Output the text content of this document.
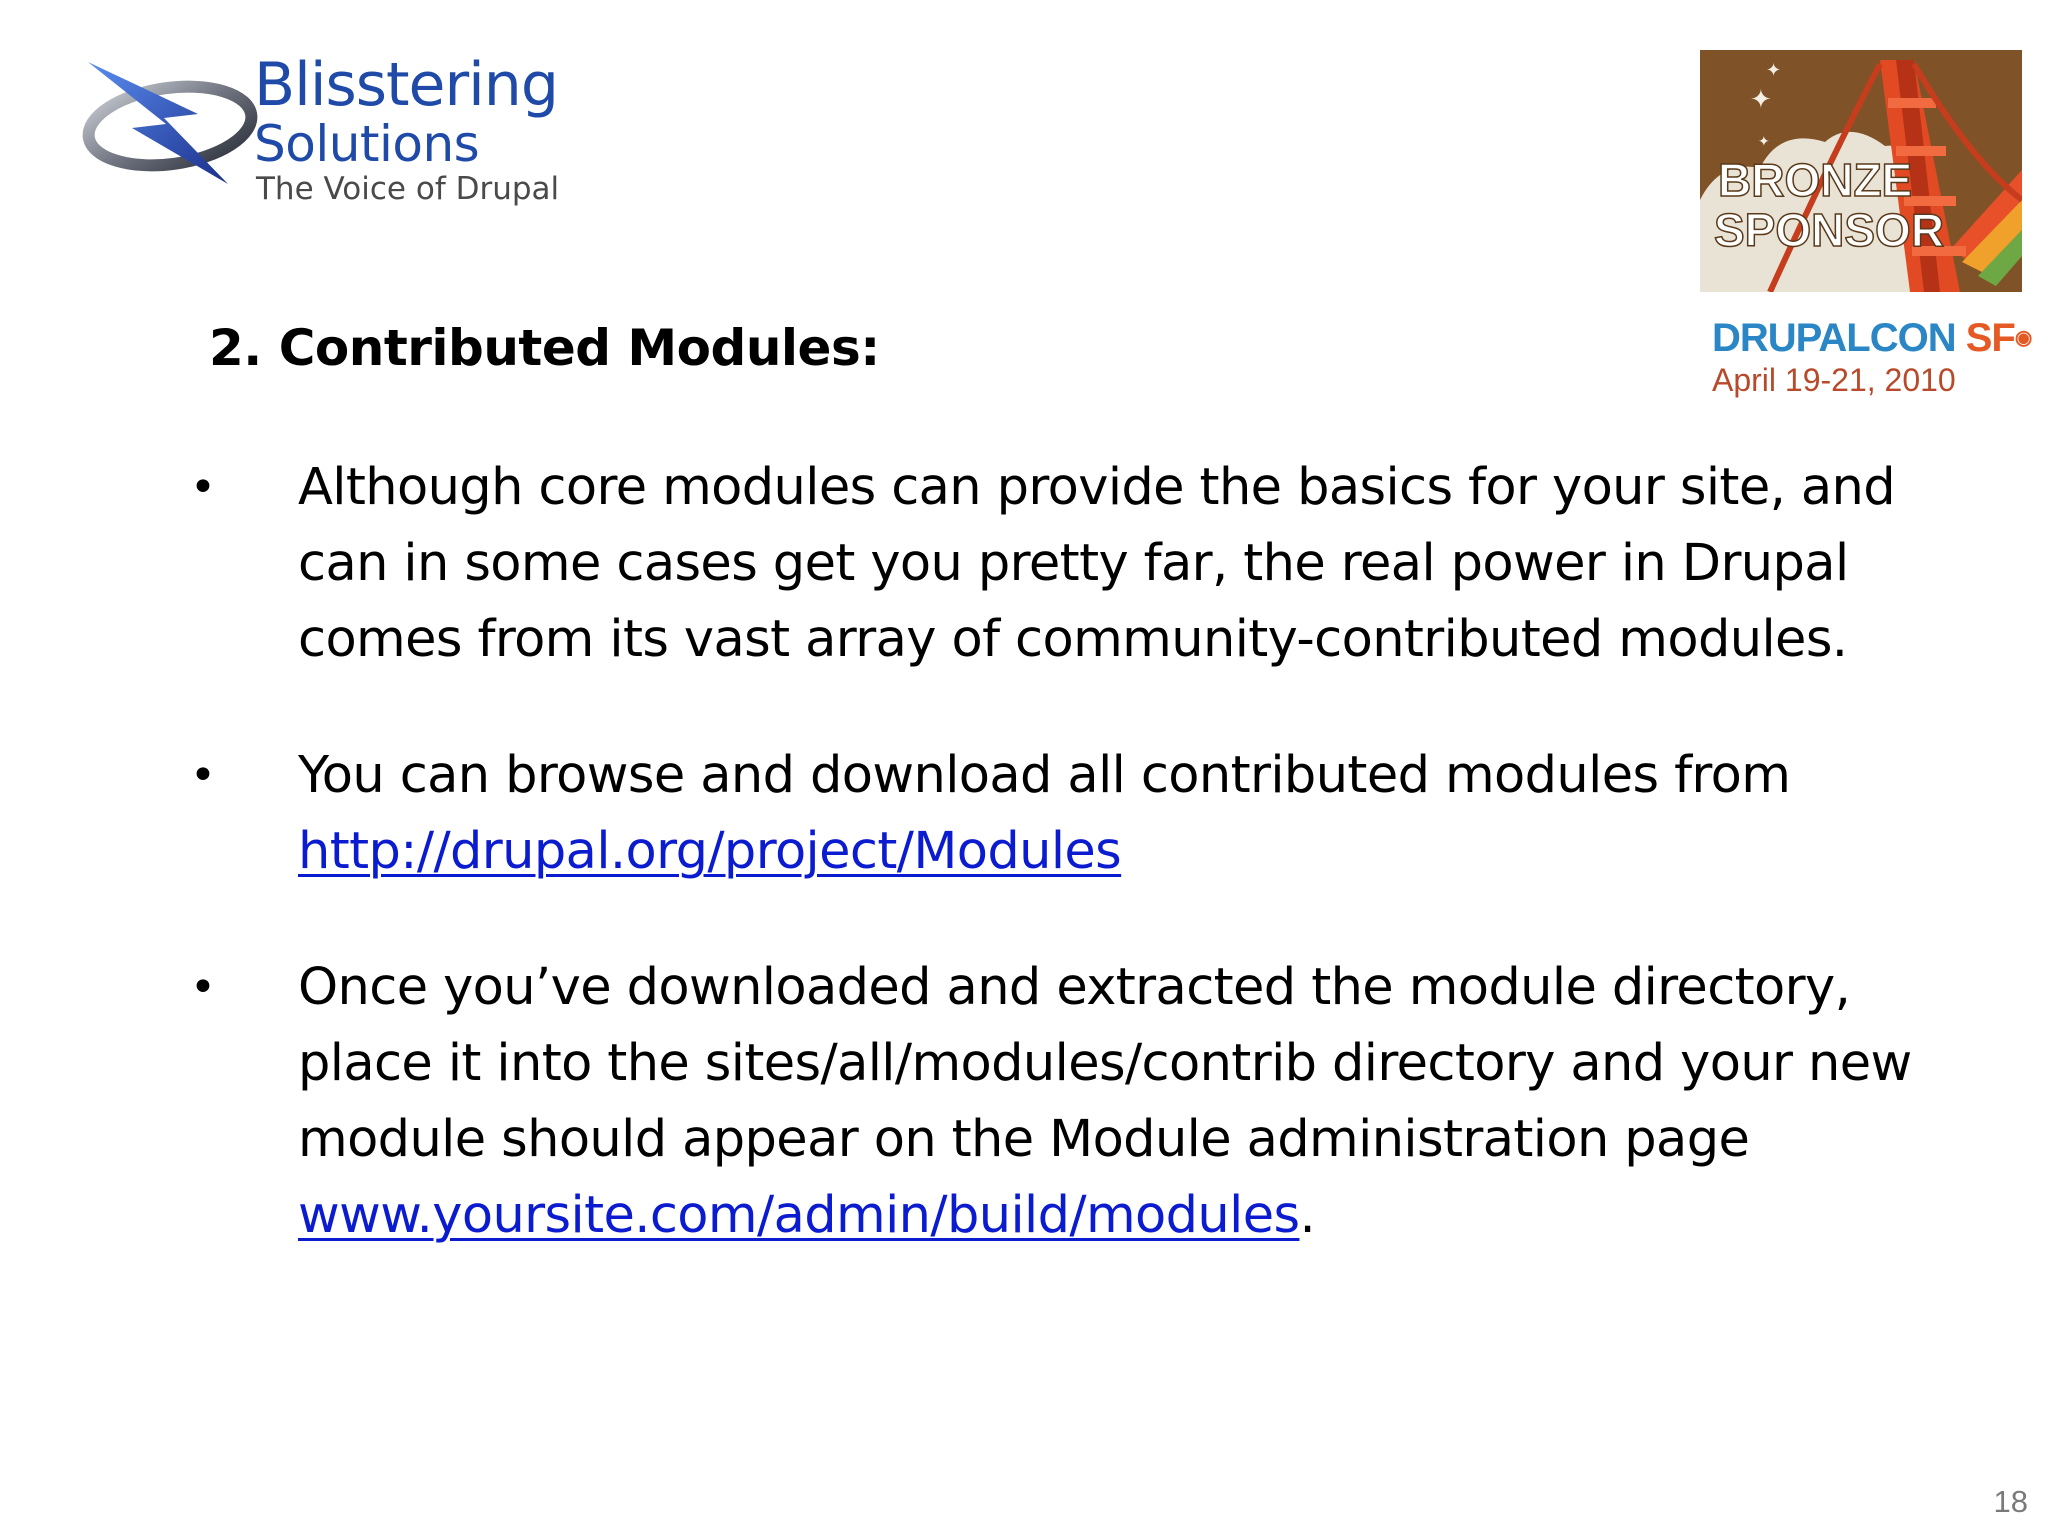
Blisstering
Solutions
The Voice of Drupal
✦
✦
✦
BRONZE
SPONSOR
DRUPALCON SF◉
April 19-21, 2010
2. Contributed Modules:
• Although core modules can provide the basics for your site, and can in some cases get you pretty far, the real power in Drupal comes from its vast array of community-contributed modules.
• You can browse and download all contributed modules from http://drupal.org/project/Modules
• Once you’ve downloaded and extracted the module directory, place it into the sites/all/modules/contrib directory and your new module should appear on the Module administration page www.yoursite.com/admin/build/modules.
18
